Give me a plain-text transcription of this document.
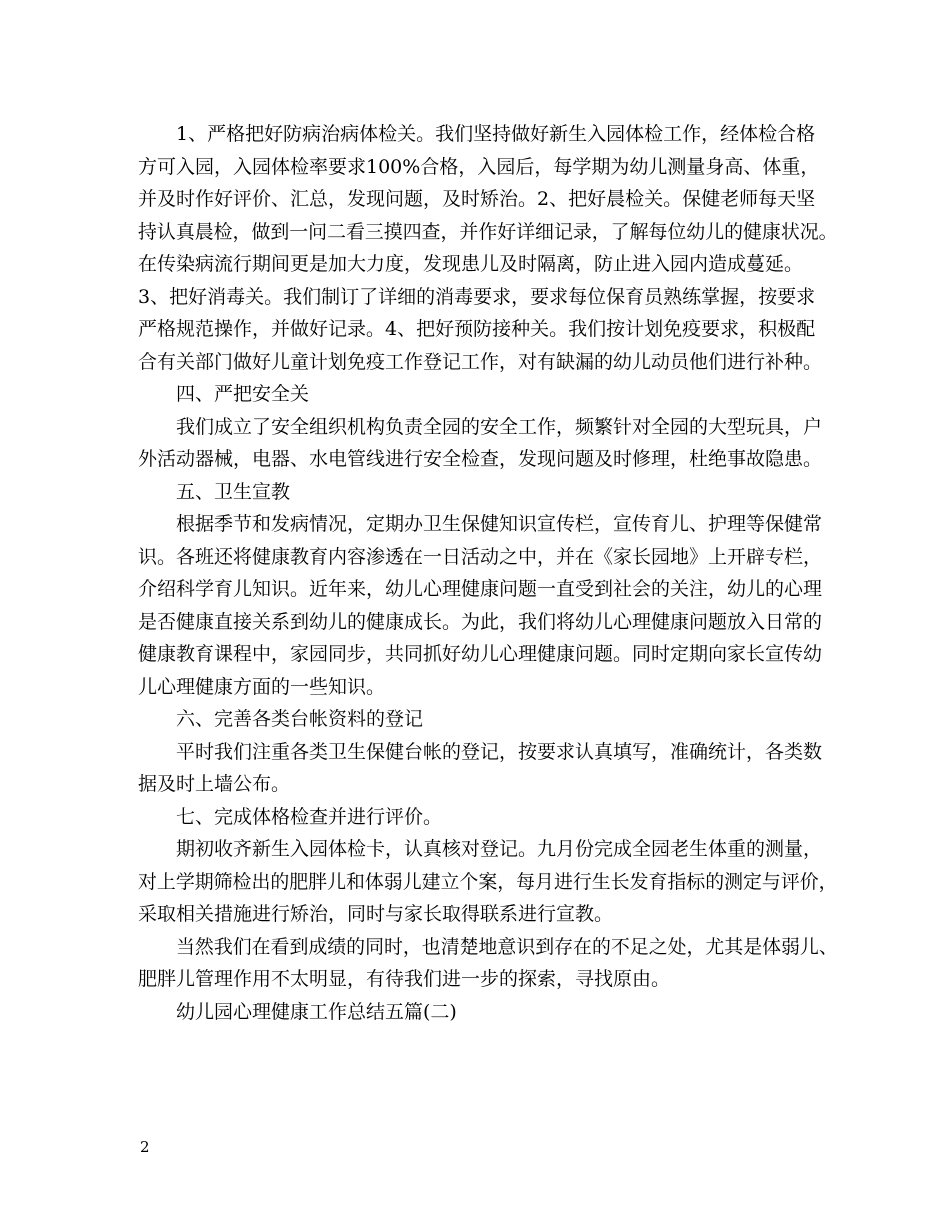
1、严格把好防病治病体检关。我们坚持做好新生入园体检工作，经体检合格
方可入园，入园体检率要求100%合格，入园后，每学期为幼儿测量身高、体重，
并及时作好评价、汇总，发现问题，及时矫治。2、把好晨检关。保健老师每天坚
持认真晨检，做到一问二看三摸四查，并作好详细记录，了解每位幼儿的健康状况。
在传染病流行期间更是加大力度，发现患儿及时隔离，防止进入园内造成蔓延。
3、把好消毒关。我们制订了详细的消毒要求，要求每位保育员熟练掌握，按要求
严格规范操作，并做好记录。4、把好预防接种关。我们按计划免疫要求，积极配
合有关部门做好儿童计划免疫工作登记工作，对有缺漏的幼儿动员他们进行补种。
四、严把安全关
我们成立了安全组织机构负责全园的安全工作，频繁针对全园的大型玩具，户
外活动器械，电器、水电管线进行安全检查，发现问题及时修理，杜绝事故隐患。
五、卫生宣教
根据季节和发病情况，定期办卫生保健知识宣传栏，宣传育儿、护理等保健常
识。各班还将健康教育内容渗透在一日活动之中，并在《家长园地》上开辟专栏，
介绍科学育儿知识。近年来，幼儿心理健康问题一直受到社会的关注，幼儿的心理
是否健康直接关系到幼儿的健康成长。为此，我们将幼儿心理健康问题放入日常的
健康教育课程中，家园同步，共同抓好幼儿心理健康问题。同时定期向家长宣传幼
儿心理健康方面的一些知识。
六、完善各类台帐资料的登记
平时我们注重各类卫生保健台帐的登记，按要求认真填写，准确统计，各类数
据及时上墙公布。
七、完成体格检查并进行评价。
期初收齐新生入园体检卡，认真核对登记。九月份完成全园老生体重的测量，
对上学期筛检出的肥胖儿和体弱儿建立个案，每月进行生长发育指标的测定与评价，
采取相关措施进行矫治，同时与家长取得联系进行宣教。
当然我们在看到成绩的同时，也清楚地意识到存在的不足之处，尤其是体弱儿、
肥胖儿管理作用不太明显，有待我们进一步的探索，寻找原由。
幼儿园心理健康工作总结五篇(二)
2
